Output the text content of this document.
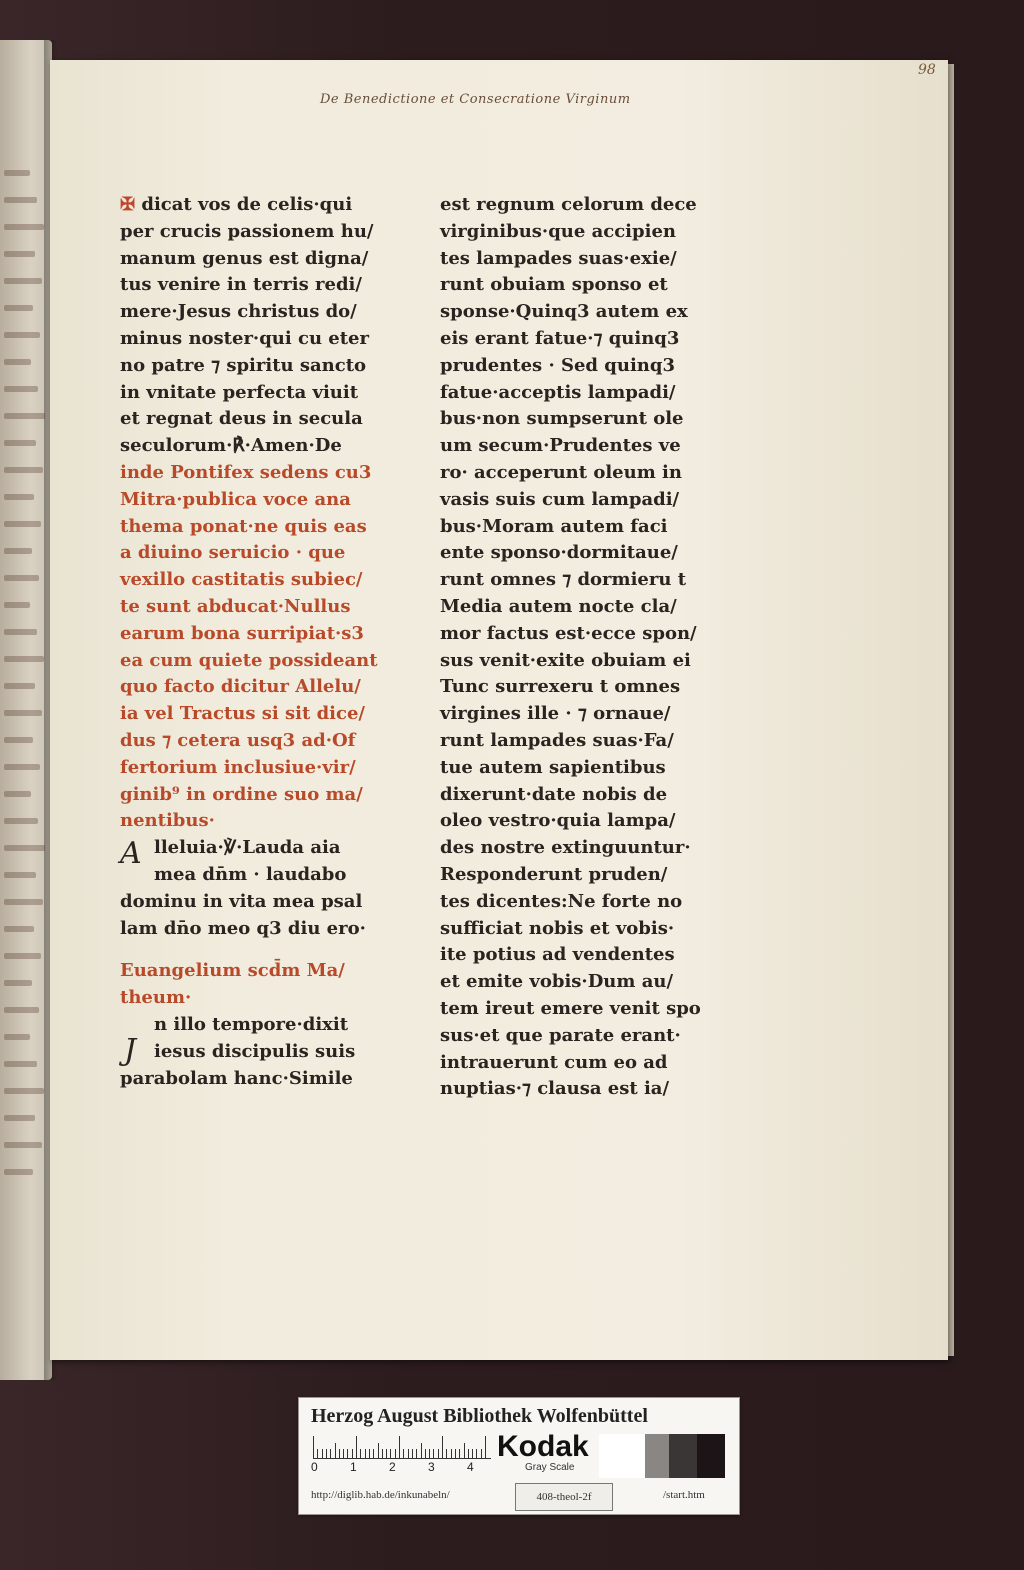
98
De Benedictione et Consecratione Virginum
✠ dicat vos de celis·qui
per crucis passionem hu/
manum genus est digna/
tus venire in terris redi/
mere·Jesus christus do/
minus noster·qui cu eter
no patre ⁊ spiritu sancto
in vnitate perfecta viuit
et regnat deus in secula
seculorum·℟·Amen·De
inde Pontifex sedens cu3
Mitra·publica voce ana
thema ponat·ne quis eas
a diuino seruicio · que
vexillo castitatis subiec/
te sunt abducat·Nullus
earum bona surripiat·s3
ea cum quiete possideant
quo facto dicitur Allelu/
ia vel Tractus si sit dice/
dus ⁊ cetera usq3 ad·Of
fertorium inclusiue·vir/
ginib⁹ in ordine suo ma/
nentibus·
lleluia·℣·Lauda aia
mea dn̄m · laudabo
dominu in vita mea psal
lam dn̄o meo q3 diu ero·
Euangelium scd̄m Ma/
theum·
n illo tempore·dixit
iesus discipulis suis
parabolam hanc·Simile
est regnum celorum dece
virginibus·que accipien
tes lampades suas·exie/
runt obuiam sponso et
sponse·Quinq3 autem ex
eis erant fatue·⁊ quinq3
prudentes · Sed quinq3
fatue·acceptis lampadi/
bus·non sumpserunt ole
um secum·Prudentes ve
ro· acceperunt oleum in
vasis suis cum lampadi/
bus·Moram autem faci
ente sponso·dormitaue/
runt omnes ⁊ dormieru t
Media autem nocte cla/
mor factus est·ecce spon/
sus venit·exite obuiam ei
Tunc surrexeru t omnes
virgines ille · ⁊ ornaue/
runt lampades suas·Fa/
tue autem sapientibus
dixerunt·date nobis de
oleo vestro·quia lampa/
des nostre extinguuntur·
Responderunt pruden/
tes dicentes:Ne forte no
sufficiat nobis et vobis·
ite potius ad vendentes
et emite vobis·Dum au/
tem ireut emere venit spo
sus·et que parate erant·
intrauerunt cum eo ad
nuptias·⁊ clausa est ia/
A
J
Herzog August Bibliothek Wolfenbüttel
0	1	2	3	4
Kodak
Gray Scale
http://diglib.hab.de/inkunabeln/	408-theol-2f	/start.htm
